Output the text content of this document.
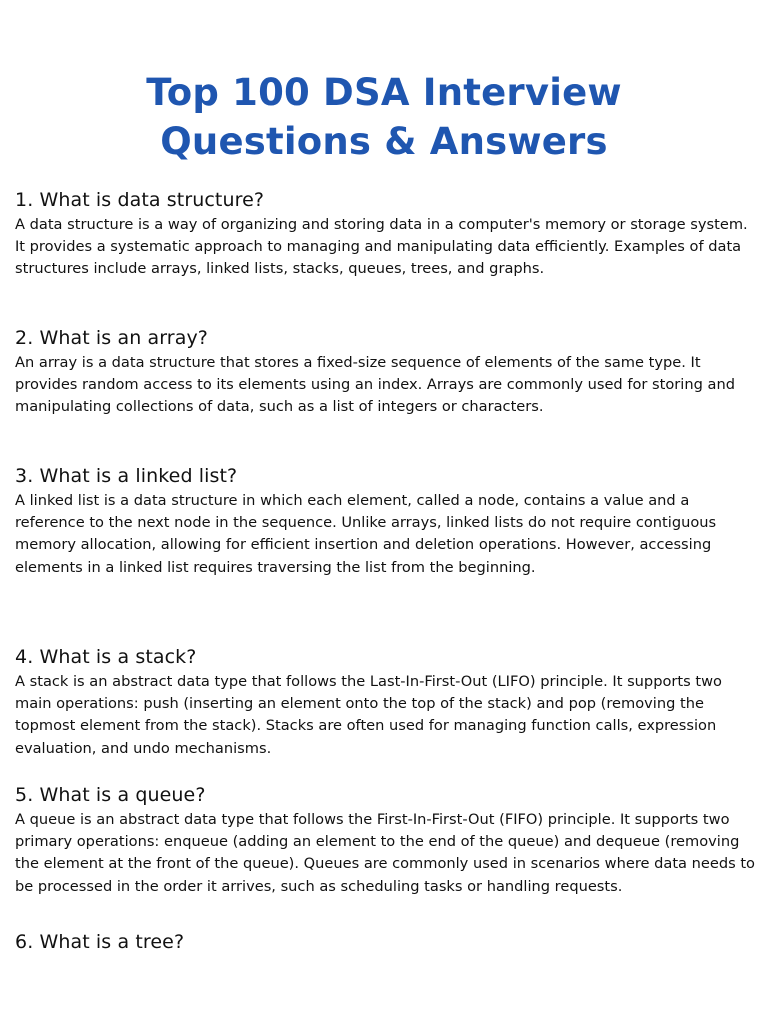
Top 100 DSA Interview
Questions & Answers

1. What is data structure?

A data structure is a way of organizing and storing data in a computer's memory or storage system. It provides a systematic approach to managing and manipulating data efficiently. Examples of data structures include arrays, linked lists, stacks, queues, trees, and graphs.

2. What is an array?

An array is a data structure that stores a fixed-size sequence of elements of the same type. It provides random access to its elements using an index. Arrays are commonly used for storing and manipulating collections of data, such as a list of integers or characters.

3. What is a linked list?

A linked list is a data structure in which each element, called a node, contains a value and a reference to the next node in the sequence. Unlike arrays, linked lists do not require contiguous memory allocation, allowing for efficient insertion and deletion operations. However, accessing elements in a linked list requires traversing the list from the beginning.

4. What is a stack?

A stack is an abstract data type that follows the Last-In-First-Out (LIFO) principle. It supports two main operations: push (inserting an element onto the top of the stack) and pop (removing the topmost element from the stack). Stacks are often used for managing function calls, expression evaluation, and undo mechanisms.

5. What is a queue?

A queue is an abstract data type that follows the First-In-First-Out (FIFO) principle. It supports two primary operations: enqueue (adding an element to the end of the queue) and dequeue (removing the element at the front of the queue). Queues are commonly used in scenarios where data needs to be processed in the order it arrives, such as scheduling tasks or handling requests.

6. What is a tree?
